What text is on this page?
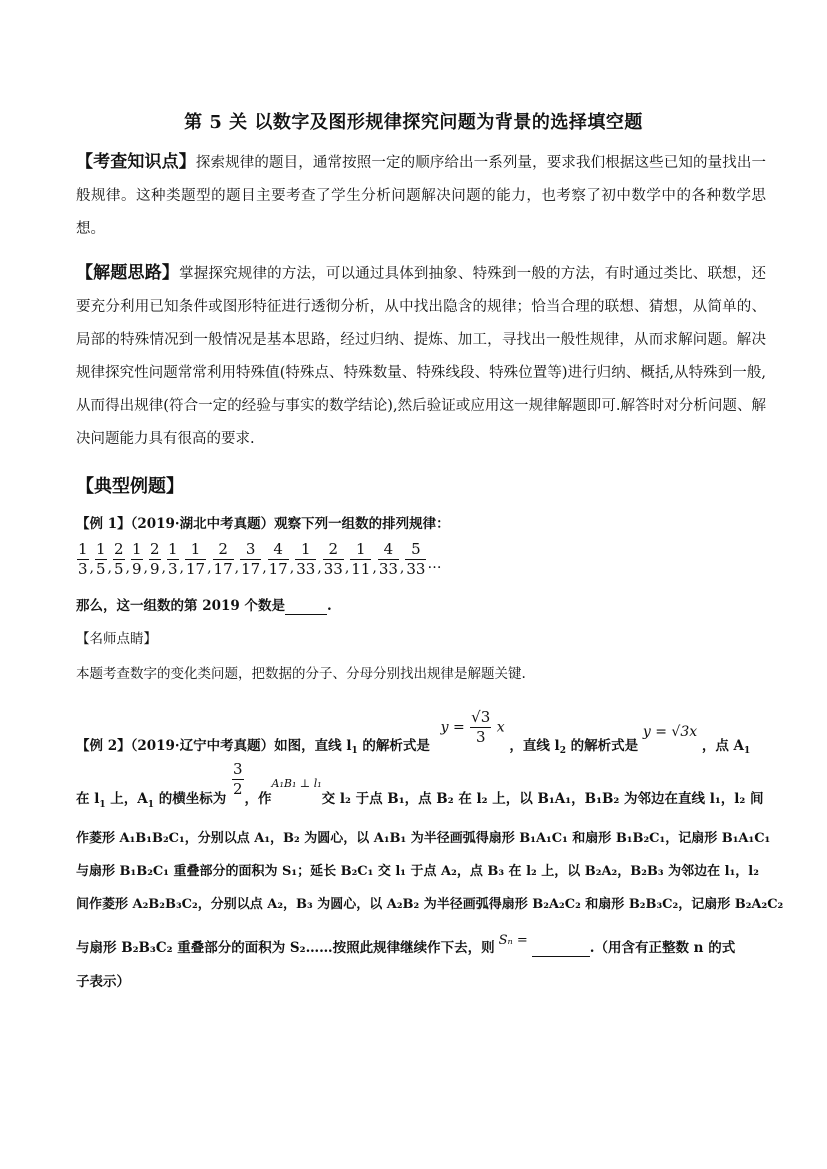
第 5 关 以数字及图形规律探究问题为背景的选择填空题
【考查知识点】探索规律的题目，通常按照一定的顺序给出一系列量，要求我们根据这些已知的量找出一般规律。这种类题型的题目主要考查了学生分析问题解决问题的能力，也考察了初中数学中的各种数学思想。
【解题思路】掌握探究规律的方法，可以通过具体到抽象、特殊到一般的方法，有时通过类比、联想，还要充分利用已知条件或图形特征进行透彻分析，从中找出隐含的规律；恰当合理的联想、猜想，从简单的、局部的特殊情况到一般情况是基本思路，经过归纳、提炼、加工，寻找出一般性规律，从而求解问题。解决规律探究性问题常常利用特殊值(特殊点、特殊数量、特殊线段、特殊位置等)进行归纳、概括,从特殊到一般,从而得出规律(符合一定的经验与事实的数学结论),然后验证或应用这一规律解题即可.解答时对分析问题、解决问题能力具有很高的要求.
【典型例题】
【例 1】（2019·湖北中考真题）观察下列一组数的排列规律：
$\frac{1}{3}$ , $\frac{1}{5}$ , $\frac{2}{5}$ , $\frac{1}{9}$ , $\frac{2}{9}$ , $\frac{1}{3}$ , $\frac{1}{17}$ , $\frac{2}{17}$ , $\frac{3}{17}$ , $\frac{4}{17}$ , $\frac{1}{33}$ , $\frac{2}{33}$ , $\frac{1}{11}$ , $\frac{4}{33}$ , $\frac{5}{33}$ …
那么，这一组数的第 2019 个数是	.
【名师点睛】
本题考查数字的变化类问题，把数据的分子、分母分别找出规律是解题关键.
【例 2】（2019·辽宁中考真题）如图，直线 $l_1$ 的解析式是 $y = \frac{√3}{3}$ x ，直线 $l_2$ 的解析式是 y = √3x ，点 $A_1$
在 $l_1$ 上，$A_1$ 的横坐标为 $\frac{3}{2}$ ，作$_{A_1B_1 \perp l_1}$交 l₂ 于点 B₁，点 B₂ 在 l₂ 上，以 B₁A₁，B₁B₂ 为邻边在直线 l₁，l₂ 间
作菱形 A₁B₁B₂C₁，分别以点 A₁，B₂ 为圆心，以 A₁B₁ 为半径画弧得扇形 B₁A₁C₁ 和扇形 B₁B₂C₁，记扇形 B₁A₁C₁
与扇形 B₁B₂C₁ 重叠部分的面积为 S₁；延长 B₂C₁ 交 l₁ 于点 A₂，点 B₃ 在 l₂ 上，以 B₂A₂，B₂B₃ 为邻边在 l₁，l₂
间作菱形 A₂B₂B₃C₂，分别以点 A₂，B₃ 为圆心，以 A₂B₂ 为半径画弧得扇形 B₂A₂C₂ 和扇形 B₂B₃C₂，记扇形 B₂A₂C₂
与扇形 B₂B₃C₂ 重叠部分的面积为 S₂……按照此规律继续作下去，则 Sₙ =	.（用含有正整数 n 的式
子表示）
